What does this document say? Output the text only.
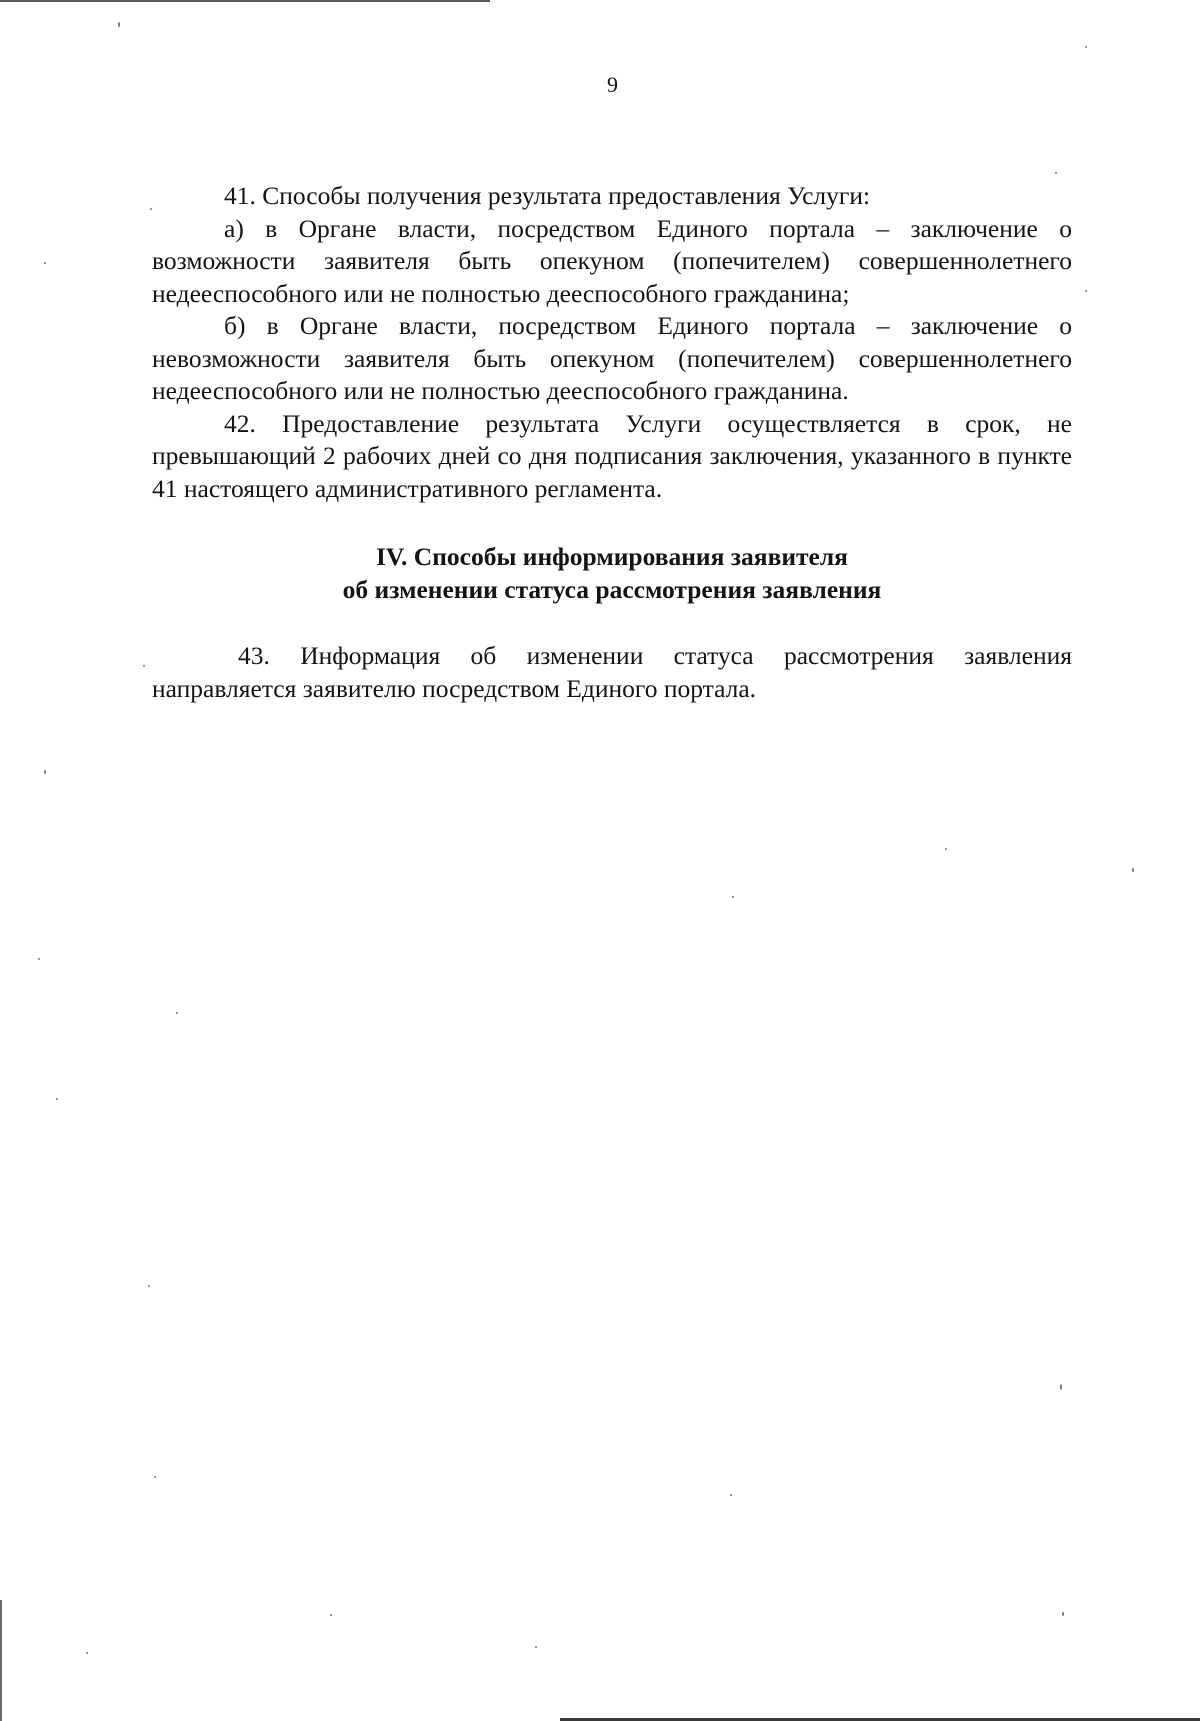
9

41. Способы получения результата предоставления Услуги:

а) в Органе власти, посредством Единого портала – заключение о возможности заявителя быть опекуном (попечителем) совершеннолетнего недееспособного или не полностью дееспособного гражданина;

б) в Органе власти, посредством Единого портала – заключение о невозможности заявителя быть опекуном (попечителем) совершеннолетнего недееспособного или не полностью дееспособного гражданина.

42. Предоставление результата Услуги осуществляется в срок, не превышающий 2 рабочих дней со дня подписания заключения, указанного в пункте 41 настоящего административного регламента.

IV. Способы информирования заявителя
об изменении статуса рассмотрения заявления

43. Информация об изменении статуса рассмотрения заявления направляется заявителю посредством Единого портала.
